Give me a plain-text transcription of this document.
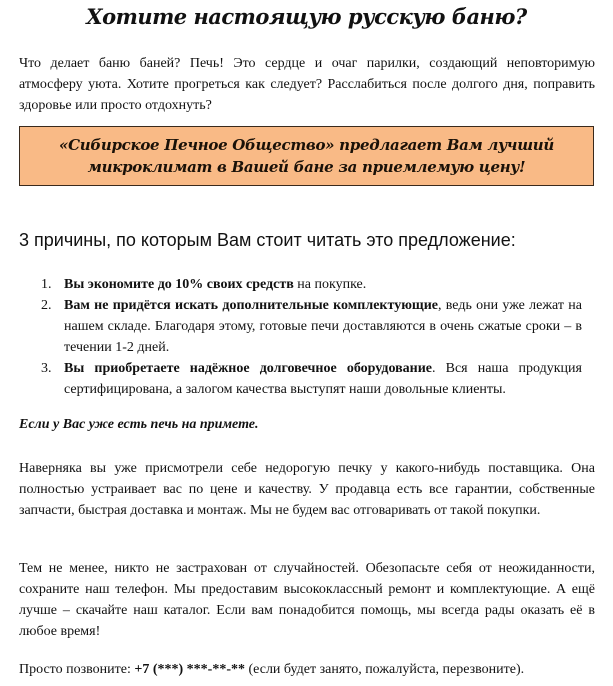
Хотите настоящую русскую баню?

Что делает баню баней? Печь! Это сердце и очаг парилки, создающий неповторимую атмосферу уюта. Хотите прогреться как следует? Расслабиться после долгого дня, поправить здоровье или просто отдохнуть?

«Сибирское Печное Общество» предлагает Вам лучший микроклимат в Вашей бане за приемлемую цену!

3 причины, по которым Вам стоит читать это предложение:
1. Вы экономите до 10% своих средств на покупке.
2. Вам не придётся искать дополнительные комплектующие, ведь они уже лежат на нашем складе. Благодаря этому, готовые печи доставляются в очень сжатые сроки – в течении 1-2 дней.
3. Вы приобретаете надёжное долговечное оборудование. Вся наша продукция сертифицирована, а залогом качества выступят наши довольные клиенты.

Если у Вас уже есть печь на примете.

Наверняка вы уже присмотрели себе недорогую печку у какого-нибудь поставщика. Она полностью устраивает вас по цене и качеству. У продавца есть все гарантии, собственные запчасти, быстрая доставка и монтаж. Мы не будем вас отговаривать от такой покупки.

Тем не менее, никто не застрахован от случайностей. Обезопасьте себя от неожиданности, сохраните наш телефон. Мы предоставим высококлассный ремонт и комплектующие. А ещё лучше – скачайте наш каталог. Если вам понадобится помощь, мы всегда рады оказать её в любое время!

Просто позвоните: +7 (***) ***-**-** (если будет занято, пожалуйста, перезвоните).
